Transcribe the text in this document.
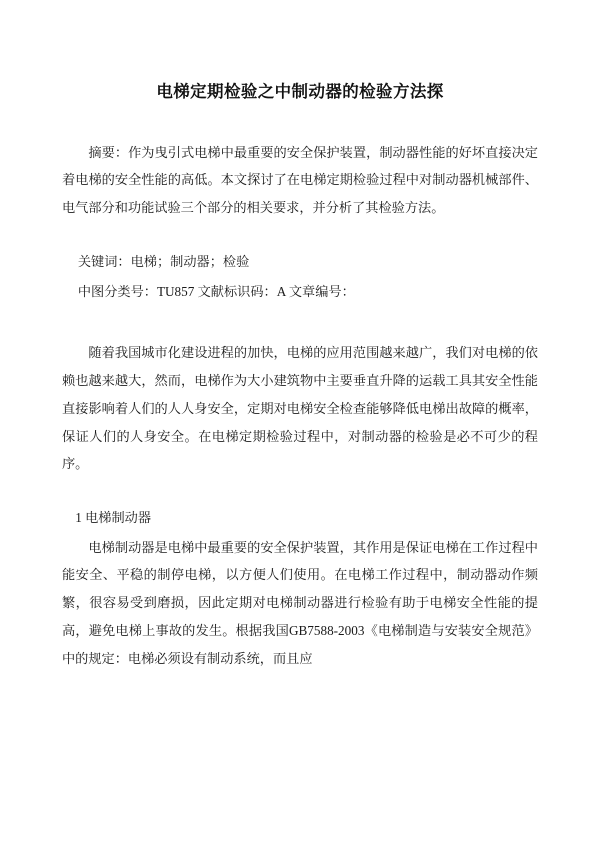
电梯定期检验之中制动器的检验方法探

摘要：作为曳引式电梯中最重要的安全保护装置，制动器性能的好坏直接决定着电梯的安全性能的高低。本文探讨了在电梯定期检验过程中对制动器机械部件、电气部分和功能试验三个部分的相关要求，并分析了其检验方法。

关键词：电梯；制动器；检验

中图分类号：TU857 文献标识码：A 文章编号：

随着我国城市化建设进程的加快，电梯的应用范围越来越广，我们对电梯的依赖也越来越大，然而，电梯作为大小建筑物中主要垂直升降的运载工具其安全性能直接影响着人们的人人身安全，定期对电梯安全检查能够降低电梯出故障的概率，保证人们的人身安全。在电梯定期检验过程中，对制动器的检验是必不可少的程序。

1 电梯制动器

电梯制动器是电梯中最重要的安全保护装置，其作用是保证电梯在工作过程中能安全、平稳的制停电梯，以方便人们使用。在电梯工作过程中，制动器动作频繁，很容易受到磨损，因此定期对电梯制动器进行检验有助于电梯安全性能的提高，避免电梯上事故的发生。根据我国GB7588-2003《电梯制造与安装安全规范》中的规定：电梯必须设有制动系统，而且应
